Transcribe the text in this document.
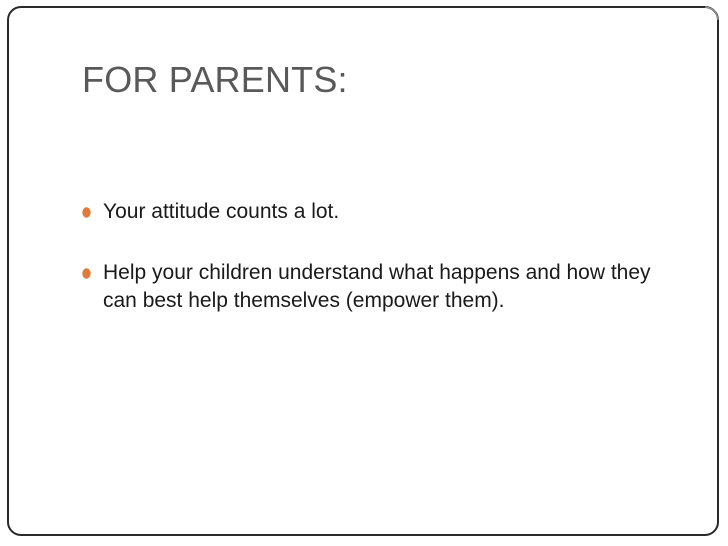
FOR PARENTS:
Your attitude counts a lot.
Help your children understand what happens and how they can best help themselves (empower them).
